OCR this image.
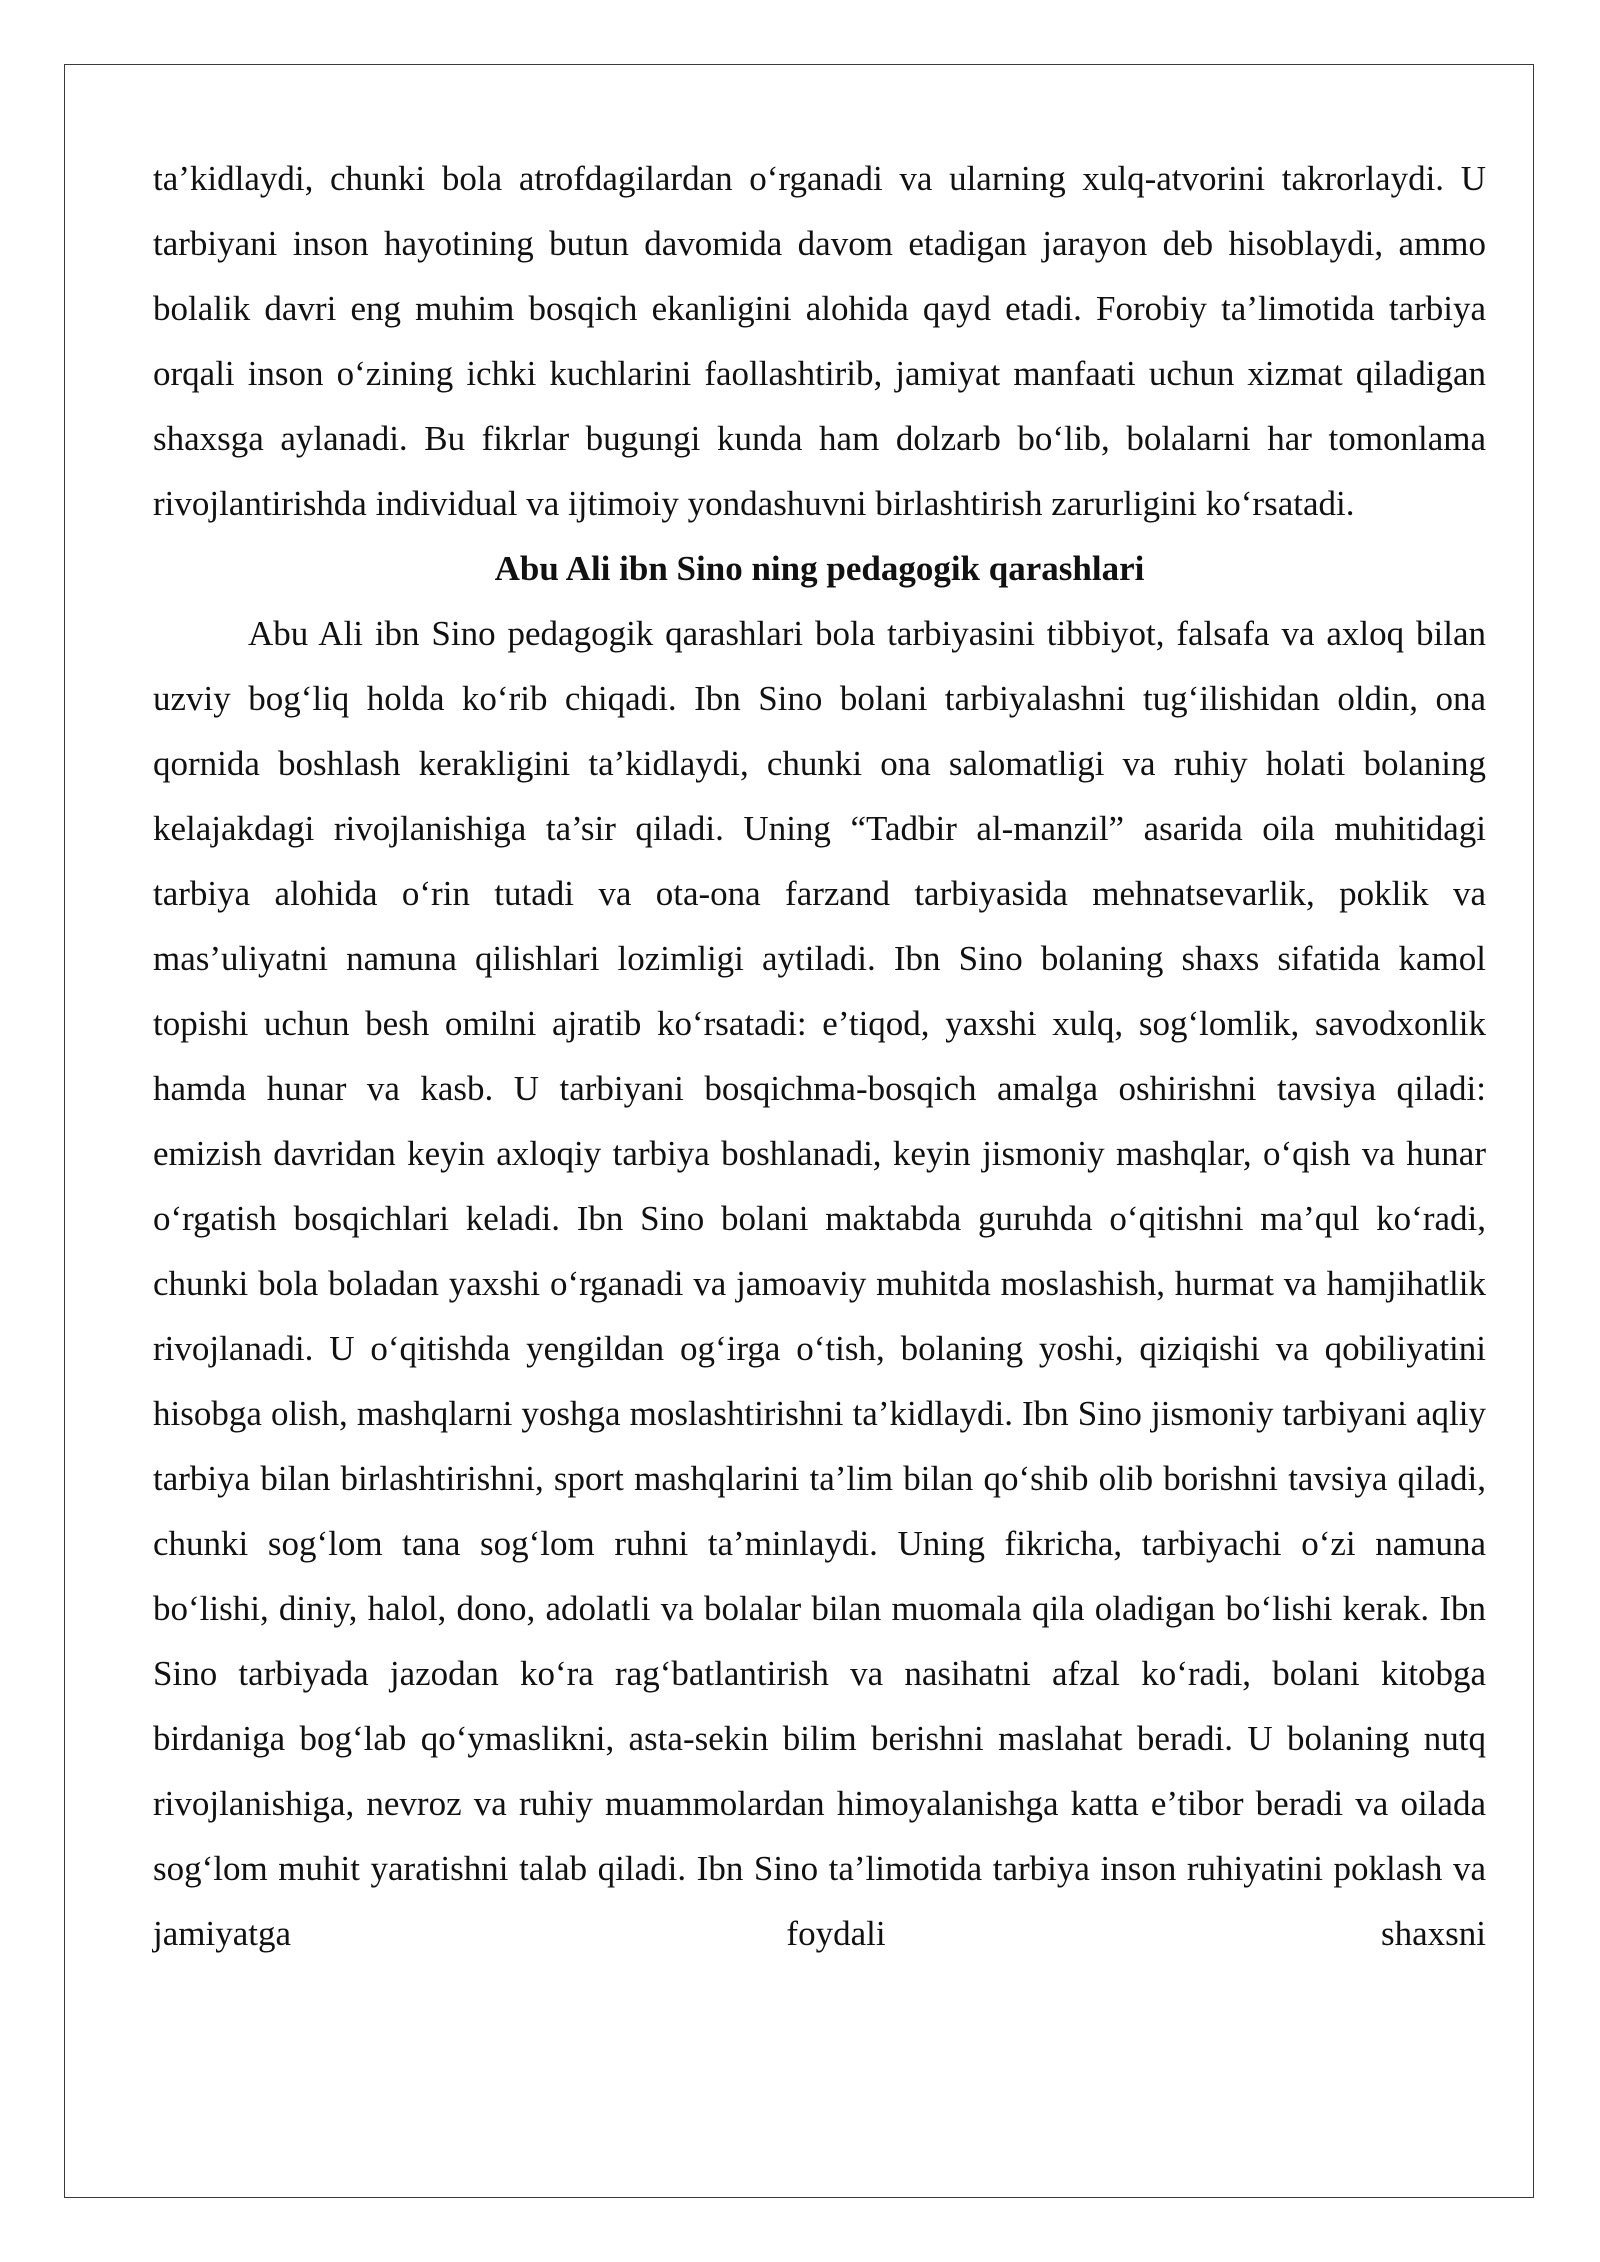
ta’kidlaydi, chunki bola atrofdagilardan o‘rganadi va ularning xulq-atvorini takrorlaydi. U tarbiyani inson hayotining butun davomida davom etadigan jarayon deb hisoblaydi, ammo bolalik davri eng muhim bosqich ekanligini alohida qayd etadi. Forobiy ta’limotida tarbiya orqali inson o‘zining ichki kuchlarini faollashtirib, jamiyat manfaati uchun xizmat qiladigan shaxsga aylanadi. Bu fikrlar bugungi kunda ham dolzarb bo‘lib, bolalarni har tomonlama rivojlantirishda individual va ijtimoiy yondashuvni birlashtirish zarurligini ko‘rsatadi.

Abu Ali ibn Sino ning pedagogik qarashlari

Abu Ali ibn Sino pedagogik qarashlari bola tarbiyasini tibbiyot, falsafa va axloq bilan uzviy bog‘liq holda ko‘rib chiqadi. Ibn Sino bolani tarbiyalashni tug‘ilishidan oldin, ona qornida boshlash kerakligini ta’kidlaydi, chunki ona salomatligi va ruhiy holati bolaning kelajakdagi rivojlanishiga ta’sir qiladi. Uning “Tadbir al-manzil” asarida oila muhitidagi tarbiya alohida o‘rin tutadi va ota-ona farzand tarbiyasida mehnatsevarlik, poklik va mas’uliyatni namuna qilishlari lozimligi aytiladi. Ibn Sino bolaning shaxs sifatida kamol topishi uchun besh omilni ajratib ko‘rsatadi: e’tiqod, yaxshi xulq, sog‘lomlik, savodxonlik hamda hunar va kasb. U tarbiyani bosqichma-bosqich amalga oshirishni tavsiya qiladi: emizish davridan keyin axloqiy tarbiya boshlanadi, keyin jismoniy mashqlar, o‘qish va hunar o‘rgatish bosqichlari keladi. Ibn Sino bolani maktabda guruhda o‘qitishni ma’qul ko‘radi, chunki bola boladan yaxshi o‘rganadi va jamoaviy muhitda moslashish, hurmat va hamjihatlik rivojlanadi. U o‘qitishda yengildan og‘irga o‘tish, bolaning yoshi, qiziqishi va qobiliyatini hisobga olish, mashqlarni yoshga moslashtirishni ta’kidlaydi. Ibn Sino jismoniy tarbiyani aqliy tarbiya bilan birlashtirishni, sport mashqlarini ta’lim bilan qo‘shib olib borishni tavsiya qiladi, chunki sog‘lom tana sog‘lom ruhni ta’minlaydi. Uning fikricha, tarbiyachi o‘zi namuna bo‘lishi, diniy, halol, dono, adolatli va bolalar bilan muomala qila oladigan bo‘lishi kerak. Ibn Sino tarbiyada jazodan ko‘ra rag‘batlantirish va nasihatni afzal ko‘radi, bolani kitobga birdaniga bog‘lab qo‘ymaslikni, asta-sekin bilim berishni maslahat beradi. U bolaning nutq rivojlanishiga, nevroz va ruhiy muammolardan himoyalanishga katta e’tibor beradi va oilada sog‘lom muhit yaratishni talab qiladi. Ibn Sino ta’limotida tarbiya inson ruhiyatini poklash va jamiyatga foydali shaxsni
